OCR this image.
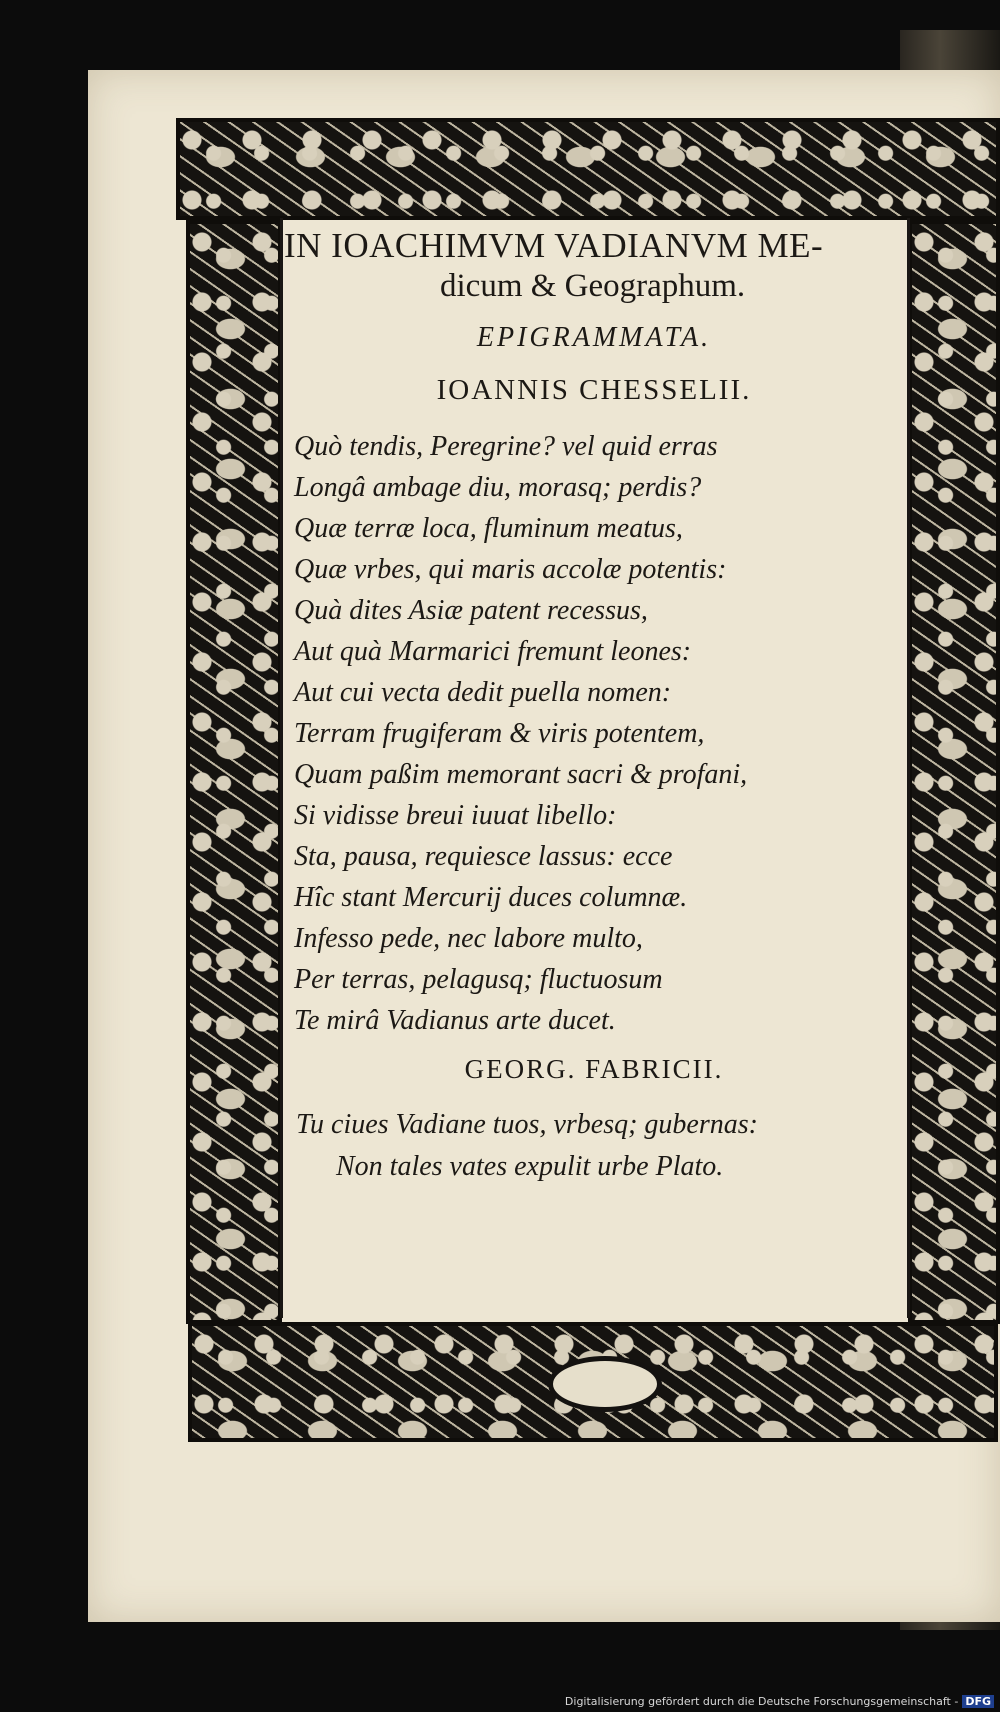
IN IOACHIMVM VADIANVM ME-
dicum & Geographum.
EPIGRAMMATA.
IOANNIS CHESSELII.
Quò tendis, Peregrine? vel quid erras
Longâ ambage diu, morasq; perdis?
Quæ terræ loca, fluminum meatus,
Quæ vrbes, qui maris accolæ potentis:
Quà dites Asiæ patent recessus,
Aut quà Marmarici fremunt leones:
Aut cui vecta dedit puella nomen:
Terram frugiferam & viris potentem,
Quam paßim memorant sacri & profani,
Si vidisse breui iuuat libello:
Sta, pausa, requiesce lassus: ecce
Hîc stant Mercurij duces columnæ.
Infesso pede, nec labore multo,
Per terras, pelagusq; fluctuosum
Te mirâ Vadianus arte ducet.
GEORG. FABRICII.
Tu ciues Vadiane tuos, vrbesq; gubernas:
Non tales vates expulit urbe Plato.
Digitalisierung gefördert durch die Deutsche Forschungsgemeinschaft - DFG
